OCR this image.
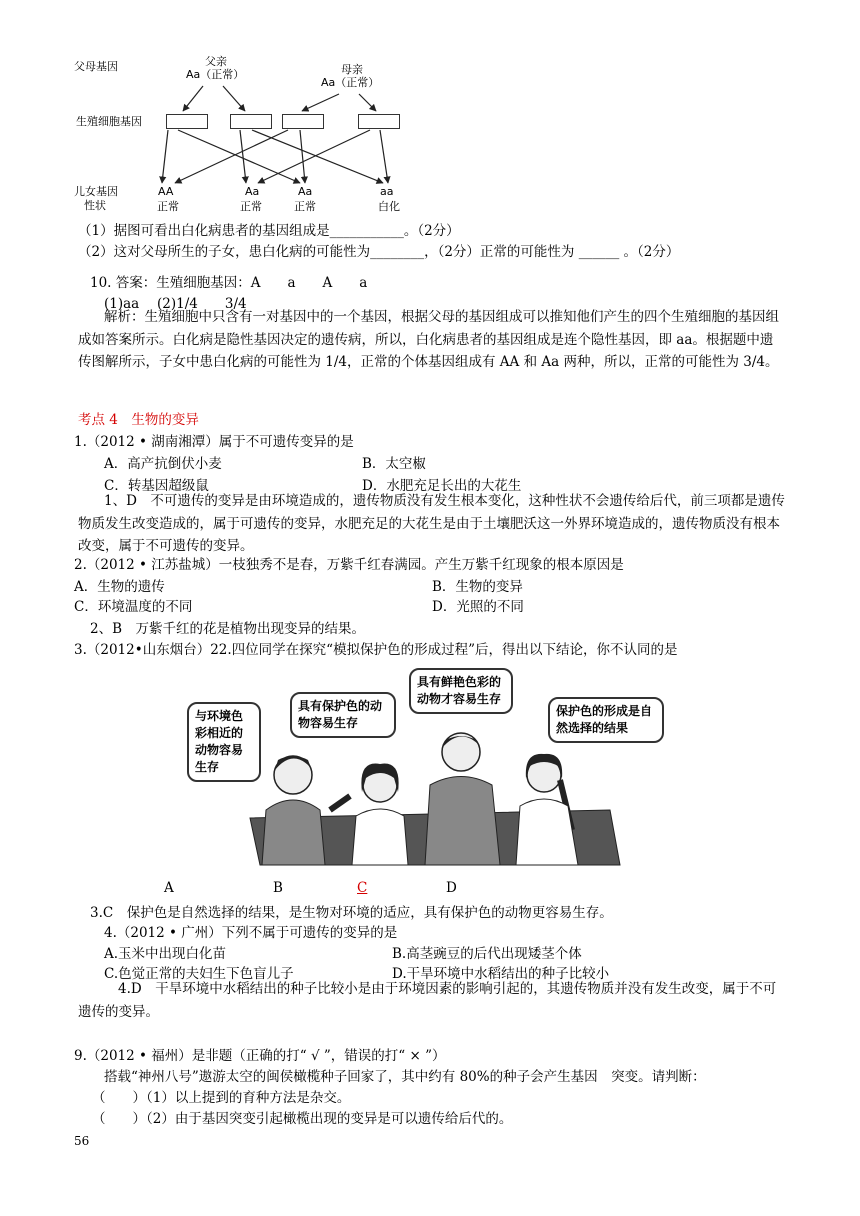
父母基因
生殖细胞基因
儿女基因
性状
父亲
Aa（正常）	母亲
Aa（正常）
AA
正常
Aa
正常
Aa
正常
aa
白化
（1）据图可看出白化病患者的基因组成是___________。（2分）
（2）这对父母所生的子女，患白化病的可能性为________，（2分）正常的可能性为 ______ 。（2分）
10. 答案：生殖细胞基因：A　　a　　A　　a
(1)aa　 (2)1/4　　3/4
解析：生殖细胞中只含有一对基因中的一个基因，根据父母的基因组成可以推知他们产生的四个生殖细胞的基因组成如答案所示。白化病是隐性基因决定的遗传病，所以，白化病患者的基因组成是连个隐性基因，即 aa。根据题中遗传图解所示，子女中患白化病的可能性为 1/4，正常的个体基因组成有 AA 和 Aa 两种，所以，正常的可能性为 3/4。
考点 4　生物的变异
1.（2012 • 湖南湘潭）属于不可遗传变异的是
A．高产抗倒伏小麦	B．太空椒
C．转基因超级鼠	D．水肥充足长出的大花生
1、D　不可遗传的变异是由环境造成的，遗传物质没有发生根本变化，这种性状不会遗传给后代，前三项都是遗传物质发生改变造成的，属于可遗传的变异，水肥充足的大花生是由于土壤肥沃这一外界环境造成的，遗传物质没有根本改变，属于不可遗传的变异。
2.（2012 • 江苏盐城）一枝独秀不是春，万紫千红春满园。产生万紫千红现象的根本原因是
A．生物的遗传	B．生物的变异
C．环境温度的不同	D．光照的不同
2、B　万紫千红的花是植物出现变异的结果。
3.（2012•山东烟台）22.四位同学在探究“模拟保护色的形成过程”后，得出以下结论，你不认同的是
与环境色彩相近的动物容易生存
具有保护色的动物容易生存
具有鲜艳色彩的动物才容易生存
保护色的形成是自然选择的结果
A	B	C	D
3.C　保护色是自然选择的结果，是生物对环境的适应，具有保护色的动物更容易生存。
4.（2012 • 广州）下列不属于可遗传的变异的是
A.玉米中出现白化苗	B.高茎豌豆的后代出现矮茎个体
C.色觉正常的夫妇生下色盲儿子	D.干旱环境中水稻结出的种子比较小
4.D　干旱环境中水稻结出的种子比较小是由于环境因素的影响引起的，其遗传物质并没有发生改变，属于不可遗传的变异。
9.（2012 • 福州）是非题（正确的打“ √ ”，错误的打“ × ”）
搭载“神州八号”遨游太空的闽侯橄榄种子回家了，其中约有 80%的种子会产生基因　突变。请判断：
（　　）（1）以上提到的育种方法是杂交。
（　　）（2）由于基因突变引起橄榄出现的变异是可以遗传给后代的。
56
